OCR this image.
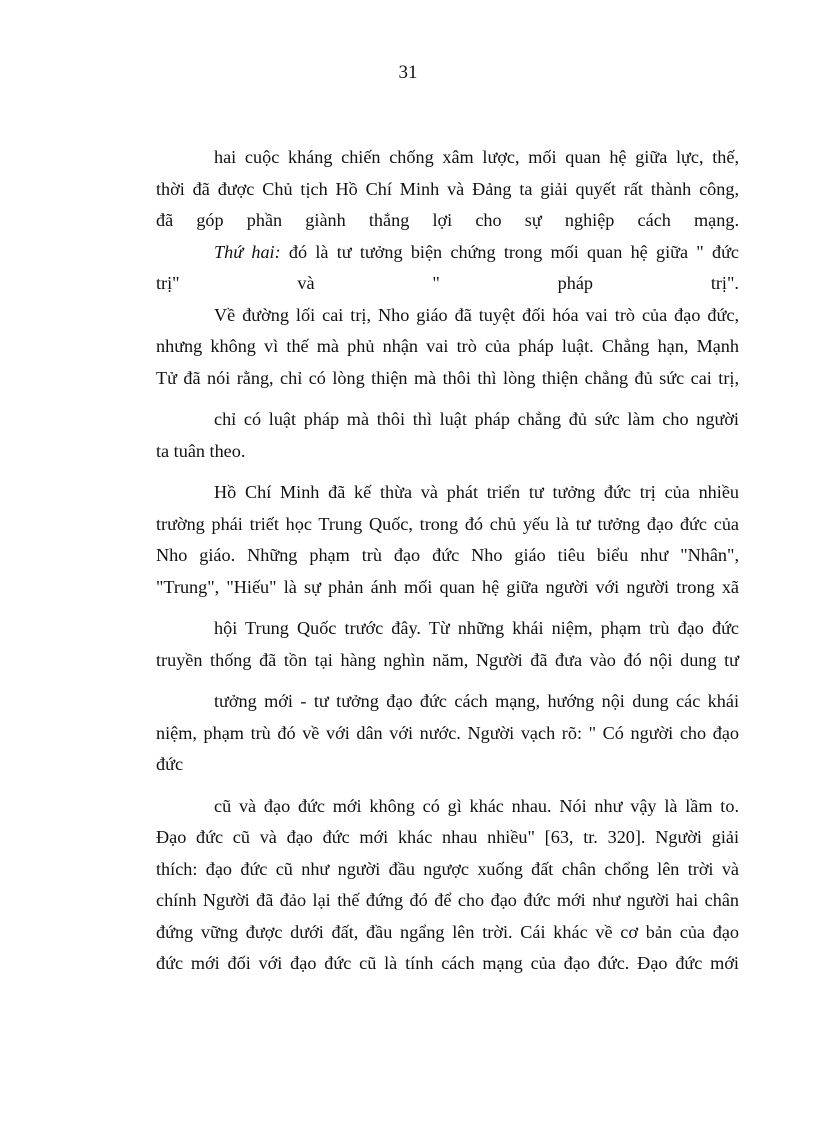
31
hai cuộc kháng chiến chống xâm lược, mối quan hệ giữa lực, thế,
thời đã được Chủ tịch Hồ Chí Minh và Đảng ta giải quyết rất thành công,
đã góp phần giành thắng lợi cho sự nghiệp cách mạng.
Thứ hai: đó là tư tưởng biện chứng trong mối quan hệ giữa " đức
trị"	và	"	pháp	trị".
Về đường lối cai trị, Nho giáo đã tuyệt đối hóa vai trò của đạo đức,
nhưng không vì thế mà phủ nhận vai trò của pháp luật. Chẳng hạn, Mạnh
Tử đã nói rằng, chỉ có lòng thiện mà thôi thì lòng thiện chẳng đủ sức cai trị,
chỉ có luật pháp mà thôi thì luật pháp chẳng đủ sức làm cho người
ta tuân theo.
Hồ Chí Minh đã kế thừa và phát triển tư tưởng đức trị của nhiều
trường phái triết học Trung Quốc, trong đó chủ yếu là tư tưởng đạo đức của
Nho giáo. Những phạm trù đạo đức Nho giáo tiêu biểu như "Nhân",
"Trung", "Hiếu" là sự phản ánh mối quan hệ giữa người với người trong xã
hội Trung Quốc trước đây. Từ những khái niệm, phạm trù đạo đức
truyền thống đã tồn tại hàng nghìn năm, Người đã đưa vào đó nội dung tư
tưởng mới - tư tưởng đạo đức cách mạng, hướng nội dung các khái
niệm, phạm trù đó về với dân với nước. Người vạch rõ: " Có người cho đạo
đức
cũ và đạo đức mới không có gì khác nhau. Nói như vậy là lầm to.
Đạo đức cũ và đạo đức mới khác nhau nhiều" [63, tr. 320]. Người giải
thích: đạo đức cũ như người đầu ngược xuống đất chân chổng lên trời và
chính Người đã đảo lại thế đứng đó để cho đạo đức mới như người hai chân
đứng vững được dưới đất, đầu ngẩng lên trời. Cái khác về cơ bản của đạo
đức mới đối với đạo đức cũ là tính cách mạng của đạo đức. Đạo đức mới
